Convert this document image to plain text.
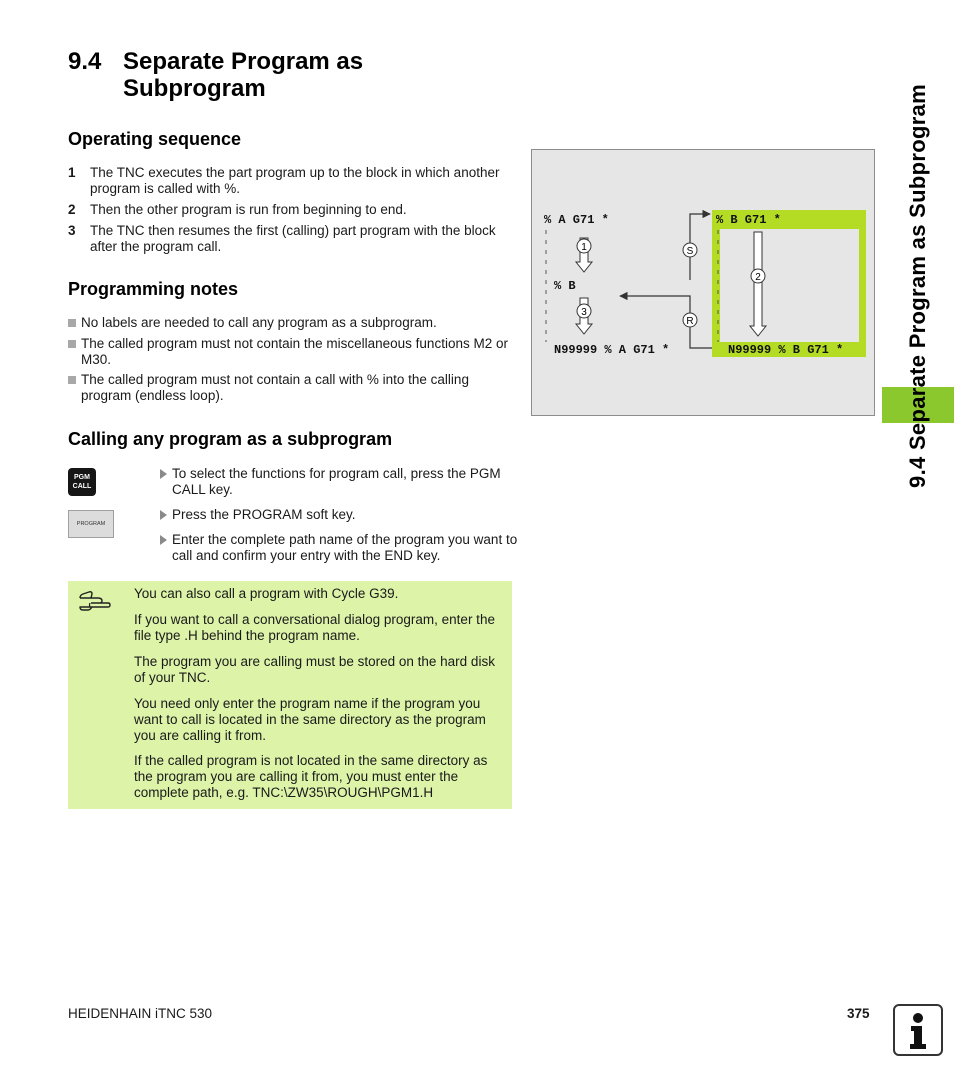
9.4 Separate Program as
Subprogram
Operating sequence
1 The TNC executes the part program up to the block in which another program is called with %.
2 Then the other program is run from beginning to end.
3 The TNC then resumes the first (calling) part program with the block after the program call.
Programming notes
No labels are needed to call any program as a subprogram.
The called program must not contain the miscellaneous functions M2 or M30.
The called program must not contain a call with % into the calling program (endless loop).
Calling any program as a subprogram
PGM
CALL
PROGRAM
To select the functions for program call, press the PGM CALL key.
Press the PROGRAM soft key.
Enter the complete path name of the program you want to call and confirm your entry with the END key.

You can also call a program with Cycle G39.

If you want to call a conversational dialog program, enter the file type .H behind the program name.

The program you are calling must be stored on the hard disk of your TNC.

You need only enter the program name if the program you want to call is located in the same directory as the program you are calling it from.

If the called program is not located in the same directory as the program you are calling it from, you must enter the complete path, e.g. TNC:\ZW35\ROUGH\PGM1.H

1
3
2
S
R
% A G71 *
% B
N99999 % A G71 *
% B G71 *
N99999 % B G71 *	9.4 Separate Program as Subprogram
HEIDENHAIN iTNC 530	375
